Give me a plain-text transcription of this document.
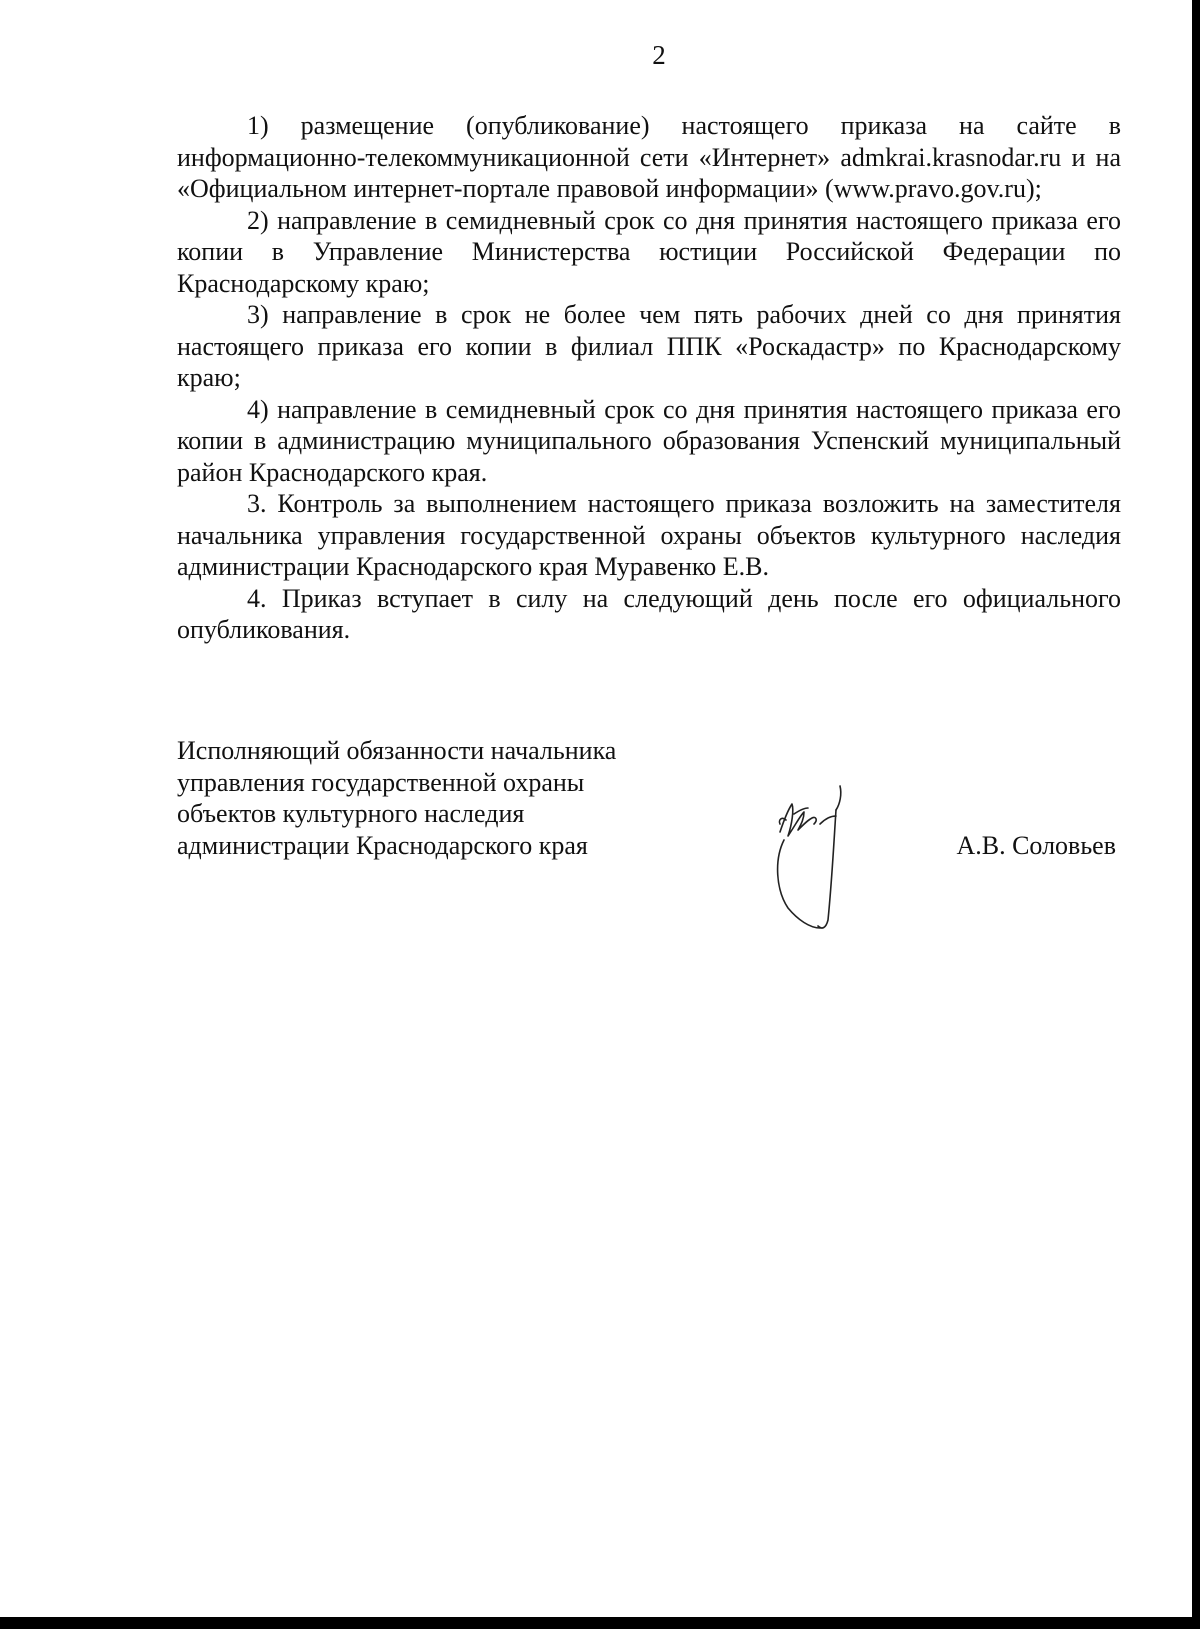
2

1) размещение (опубликование) настоящего приказа на сайте в информационно-телекоммуникационной сети «Интернет» admkrai.krasnodar.ru и на «Официальном интернет-портале правовой информации» (www.pravo.gov.ru);

2) направление в семидневный срок со дня принятия настоящего приказа его копии в Управление Министерства юстиции Российской Федерации по Краснодарскому краю;

3) направление в срок не более чем пять рабочих дней со дня принятия настоящего приказа его копии в филиал ППК «Роскадастр» по Краснодарскому краю;

4) направление в семидневный срок со дня принятия настоящего приказа его копии в администрацию муниципального образования Успенский муниципальный район Краснодарского края.

3. Контроль за выполнением настоящего приказа возложить на заместителя начальника управления государственной охраны объектов культурного наследия администрации Краснодарского края Муравенко Е.В.

4. Приказ вступает в силу на следующий день после его официального опубликования.

Исполняющий обязанности начальника
управления государственной охраны
объектов культурного наследия
администрации Краснодарского края	А.В. Соловьев
